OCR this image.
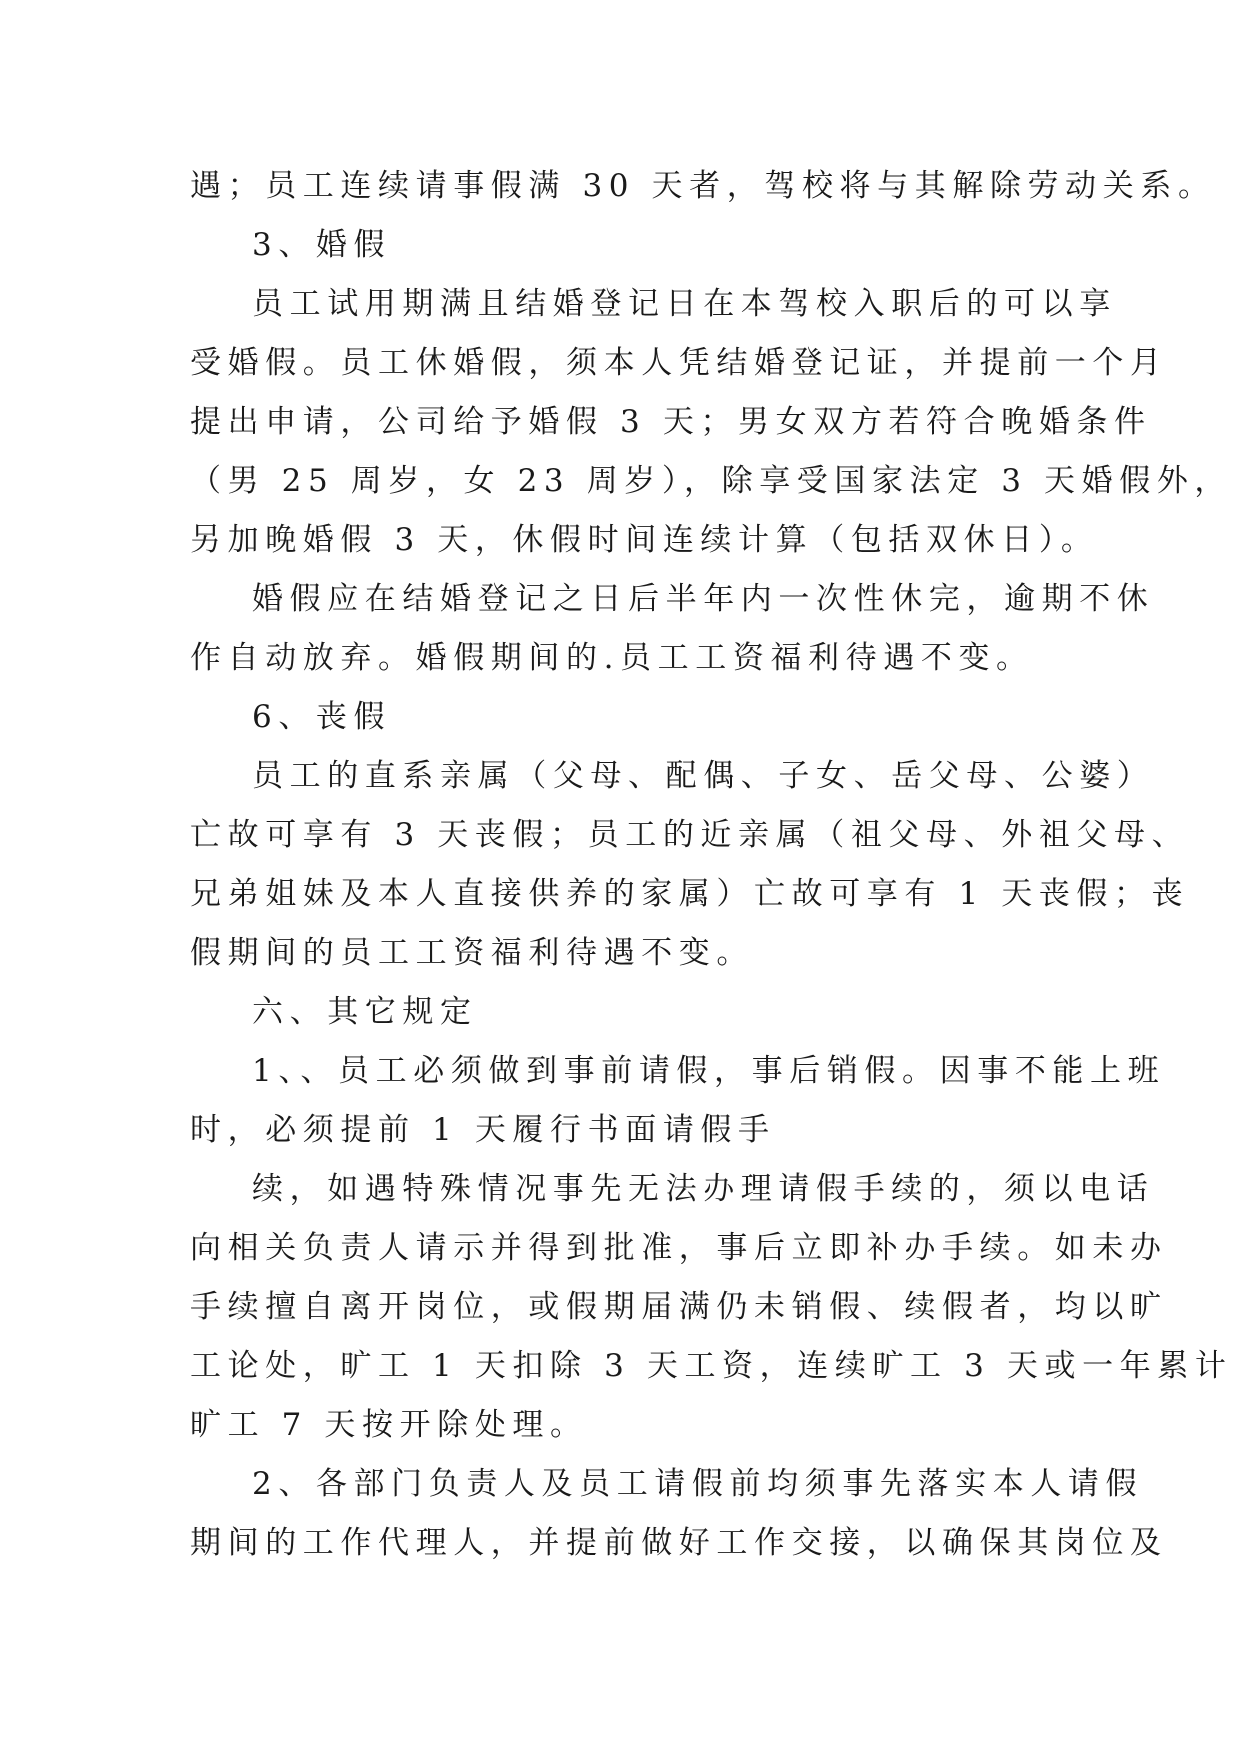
遇；员工连续请事假满 30 天者，驾校将与其解除劳动关系。
3、婚假
员工试用期满且结婚登记日在本驾校入职后的可以享
受婚假。员工休婚假，须本人凭结婚登记证，并提前一个月
提出申请，公司给予婚假 3 天；男女双方若符合晚婚条件
（男 25 周岁，女 23 周岁），除享受国家法定 3 天婚假外，
另加晚婚假 3 天，休假时间连续计算（包括双休日）。
婚假应在结婚登记之日后半年内一次性休完，逾期不休
作自动放弃。婚假期间的.员工工资福利待遇不变。
6、丧假
员工的直系亲属（父母、配偶、子女、岳父母、公婆）
亡故可享有 3 天丧假；员工的近亲属（祖父母、外祖父母、
兄弟姐妹及本人直接供养的家属）亡故可享有 1 天丧假；丧
假期间的员工工资福利待遇不变。
六、其它规定
1、、员工必须做到事前请假，事后销假。因事不能上班
时，必须提前 1 天履行书面请假手
续，如遇特殊情况事先无法办理请假手续的，须以电话
向相关负责人请示并得到批准，事后立即补办手续。如未办
手续擅自离开岗位，或假期届满仍未销假、续假者，均以旷
工论处，旷工 1 天扣除 3 天工资，连续旷工 3 天或一年累计
旷工 7 天按开除处理。
2、各部门负责人及员工请假前均须事先落实本人请假
期间的工作代理人，并提前做好工作交接，以确保其岗位及
